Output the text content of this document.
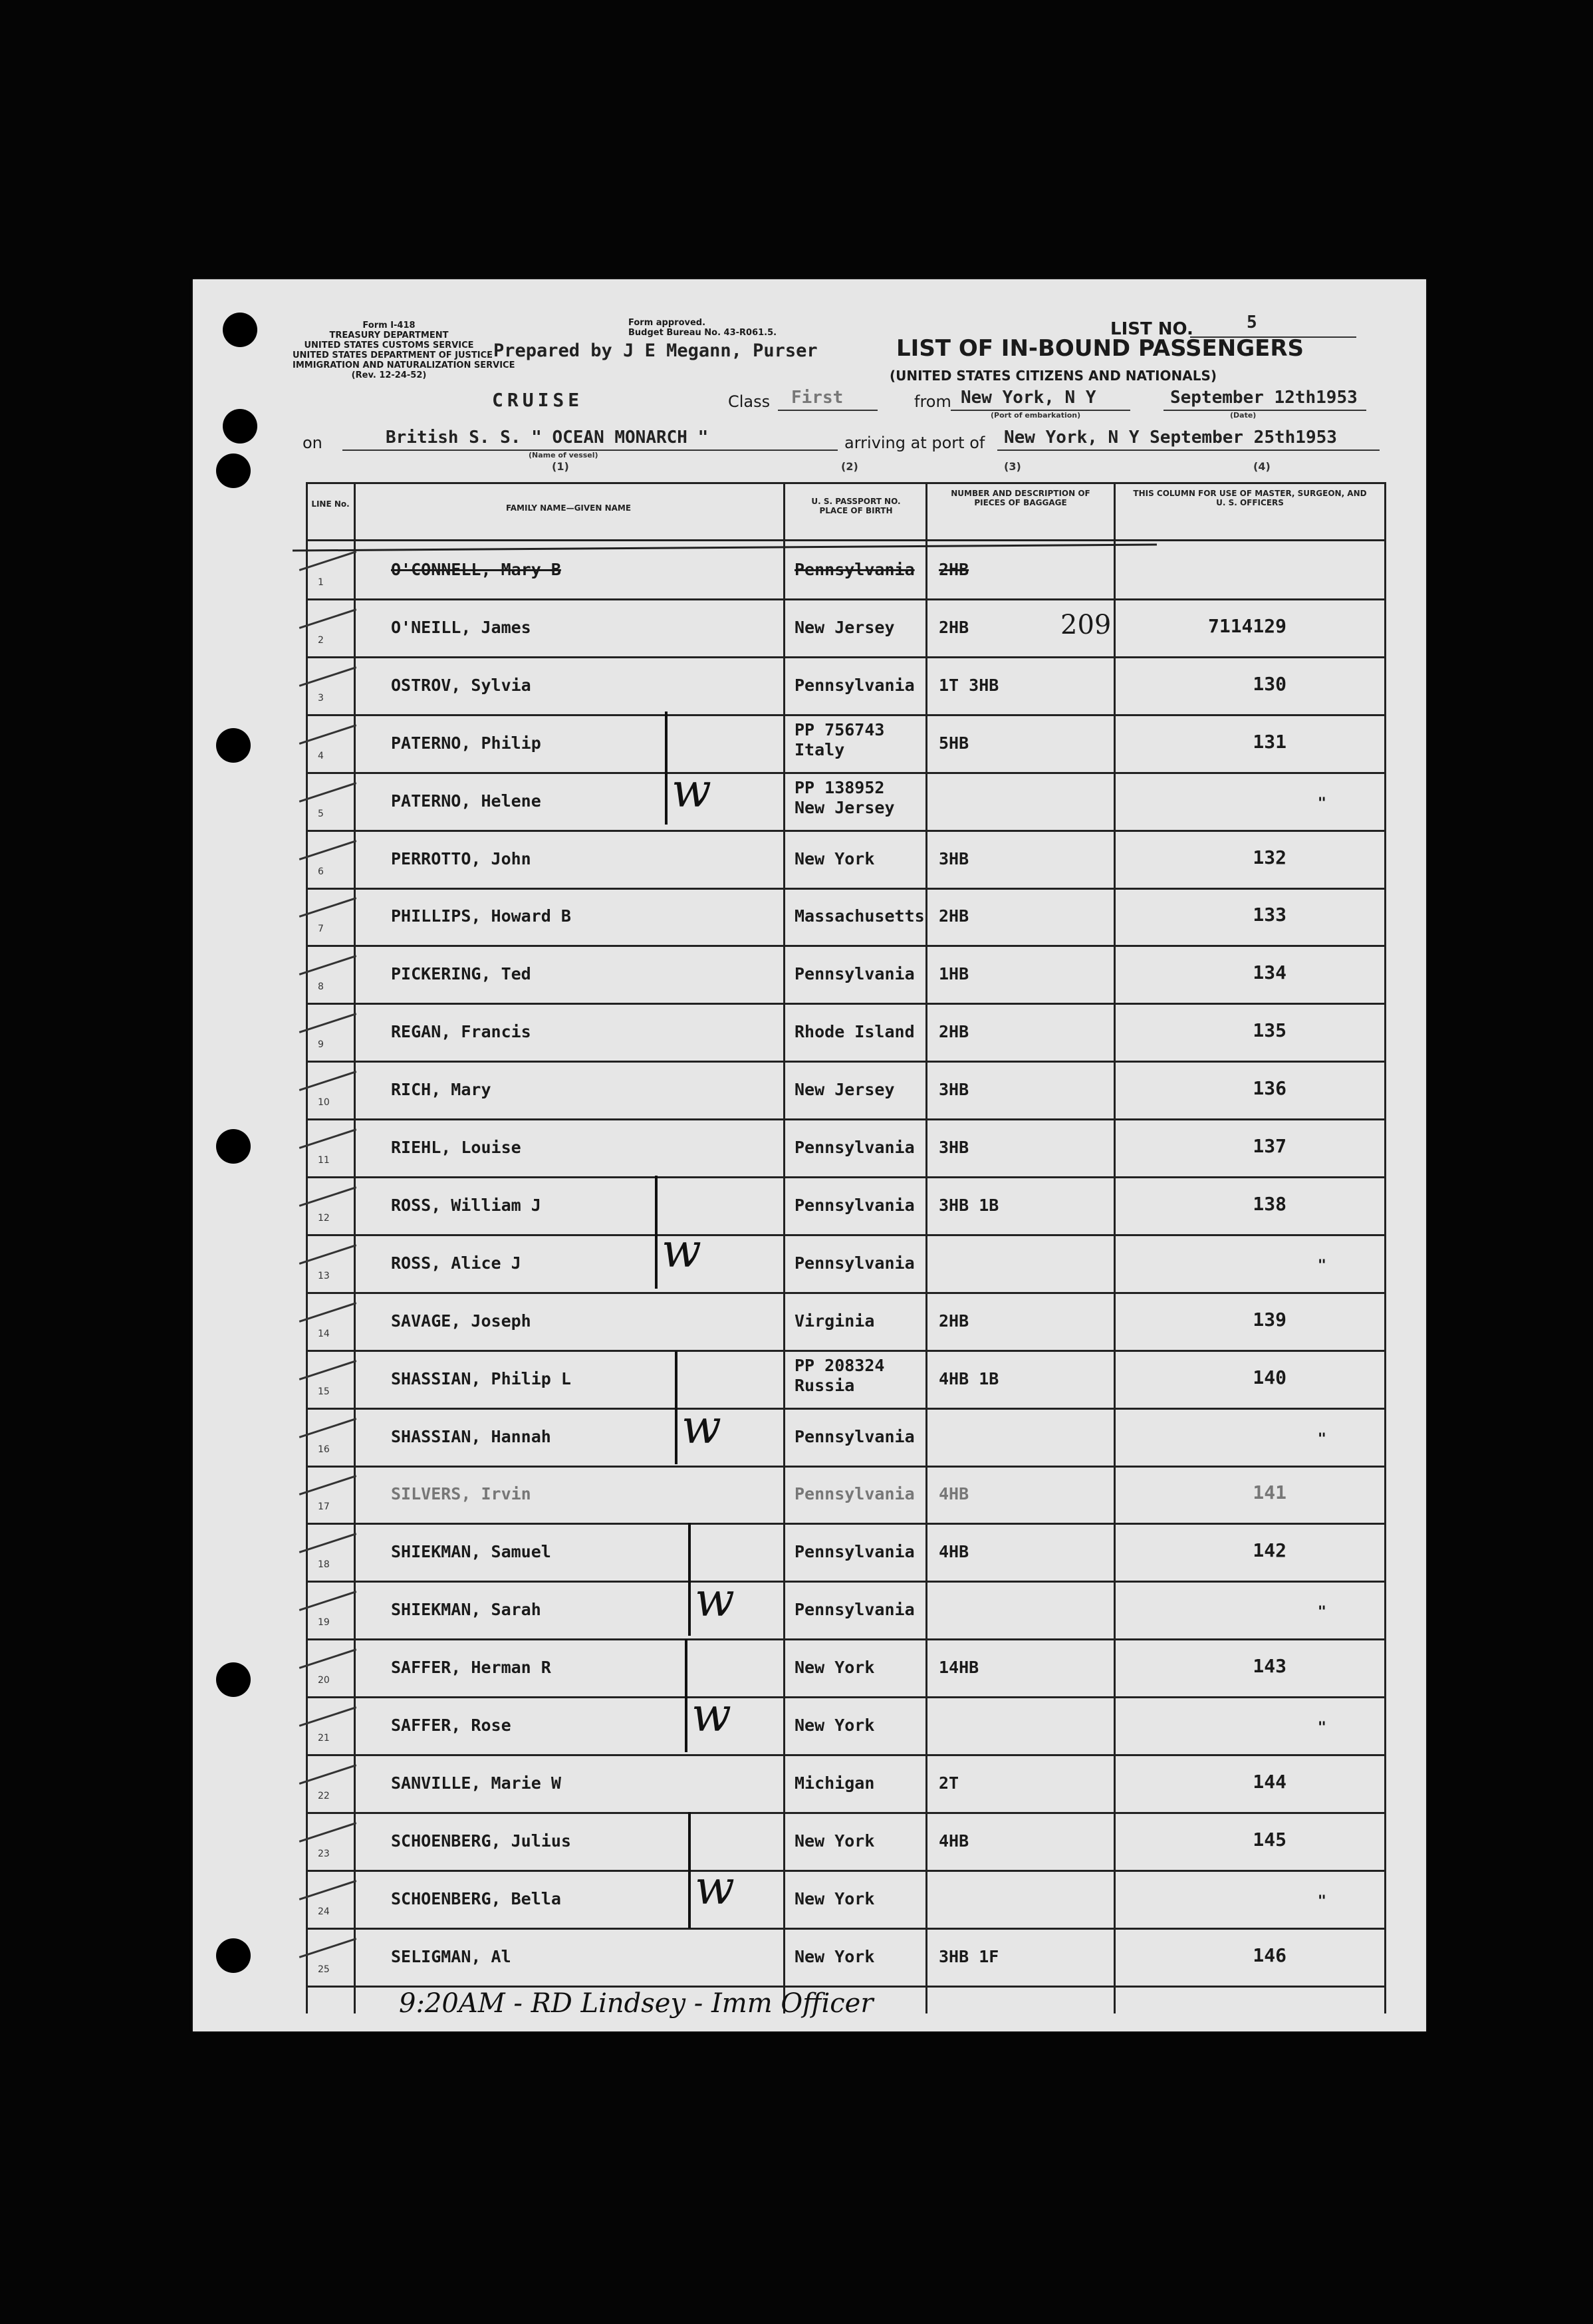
Form I-418
TREASURY DEPARTMENT
UNITED STATES CUSTOMS SERVICE
UNITED STATES DEPARTMENT OF JUSTICE
IMMIGRATION AND NATURALIZATION SERVICE
(Rev. 12-24-52)
Form approved.
Budget Bureau No. 43-R061.5.
Prepared by J E Megann, Purser	LIST OF IN-BOUND PASSENGERS
(UNITED STATES CITIZENS AND NATIONALS)
LIST NO.	5
CRUISE	Class First	from New York, N Y
(Port of embarkation)
September 12th1953
(Date)
on	British S. S. " OCEAN MONARCH "
(Name of vessel)
arriving at port of New York, N Y September 25th1953
(1)	(2)	(3)	(4)
LINE No.	FAMILY NAME—GIVEN NAME
U. S. PASSPORT NO. PLACE OF BIRTH
NUMBER AND DESCRIPTION OF PIECES OF BAGGAGE
THIS COLUMN FOR USE OF MASTER, SURGEON, AND U. S. OFFICERS
1
O'CONNELL, Mary B	Pennsylvania 2HB
2
O'NEILL, James	New Jersey	2HB	209	7114129
3
OSTROV, Sylvia	Pennsylvania 1T 3HB	130
4
PATERNO, Philip
PP 756743
Italy	5HB	131
5
PATERNO, Helene
PP 138952
New Jersey	"
6
PERROTTO, John	New York	3HB	132
7
PHILLIPS, Howard B	Massachusetts 2HB	133
8
PICKERING, Ted	Pennsylvania 1HB	134
9
REGAN, Francis	Rhode Island 2HB	135
10
RICH, Mary	New Jersey	3HB	136
11
RIEHL, Louise	Pennsylvania 3HB	137
12
ROSS, William J	Pennsylvania 3HB 1B	138
13
ROSS, Alice J	Pennsylvania	"
14
SAVAGE, Joseph	Virginia	2HB	139
15
SHASSIAN, Philip L
PP 208324
Russia	4HB 1B	140
16
SHASSIAN, Hannah	Pennsylvania	"
17
SILVERS, Irvin	Pennsylvania 4HB	141
18
SHIEKMAN, Samuel	Pennsylvania 4HB	142
19
SHIEKMAN, Sarah	Pennsylvania	"
20
SAFFER, Herman R	New York	14HB	143
21
SAFFER, Rose	New York	"
22
SANVILLE, Marie W	Michigan	2T	144
23
SCHOENBERG, Julius	New York	4HB	145
24
SCHOENBERG, Bella	New York	"
25
SELIGMAN, Al	New York	3HB 1F	146
w
w
w
w
w
w
9:20AM - RD Lindsey - Imm Officer
